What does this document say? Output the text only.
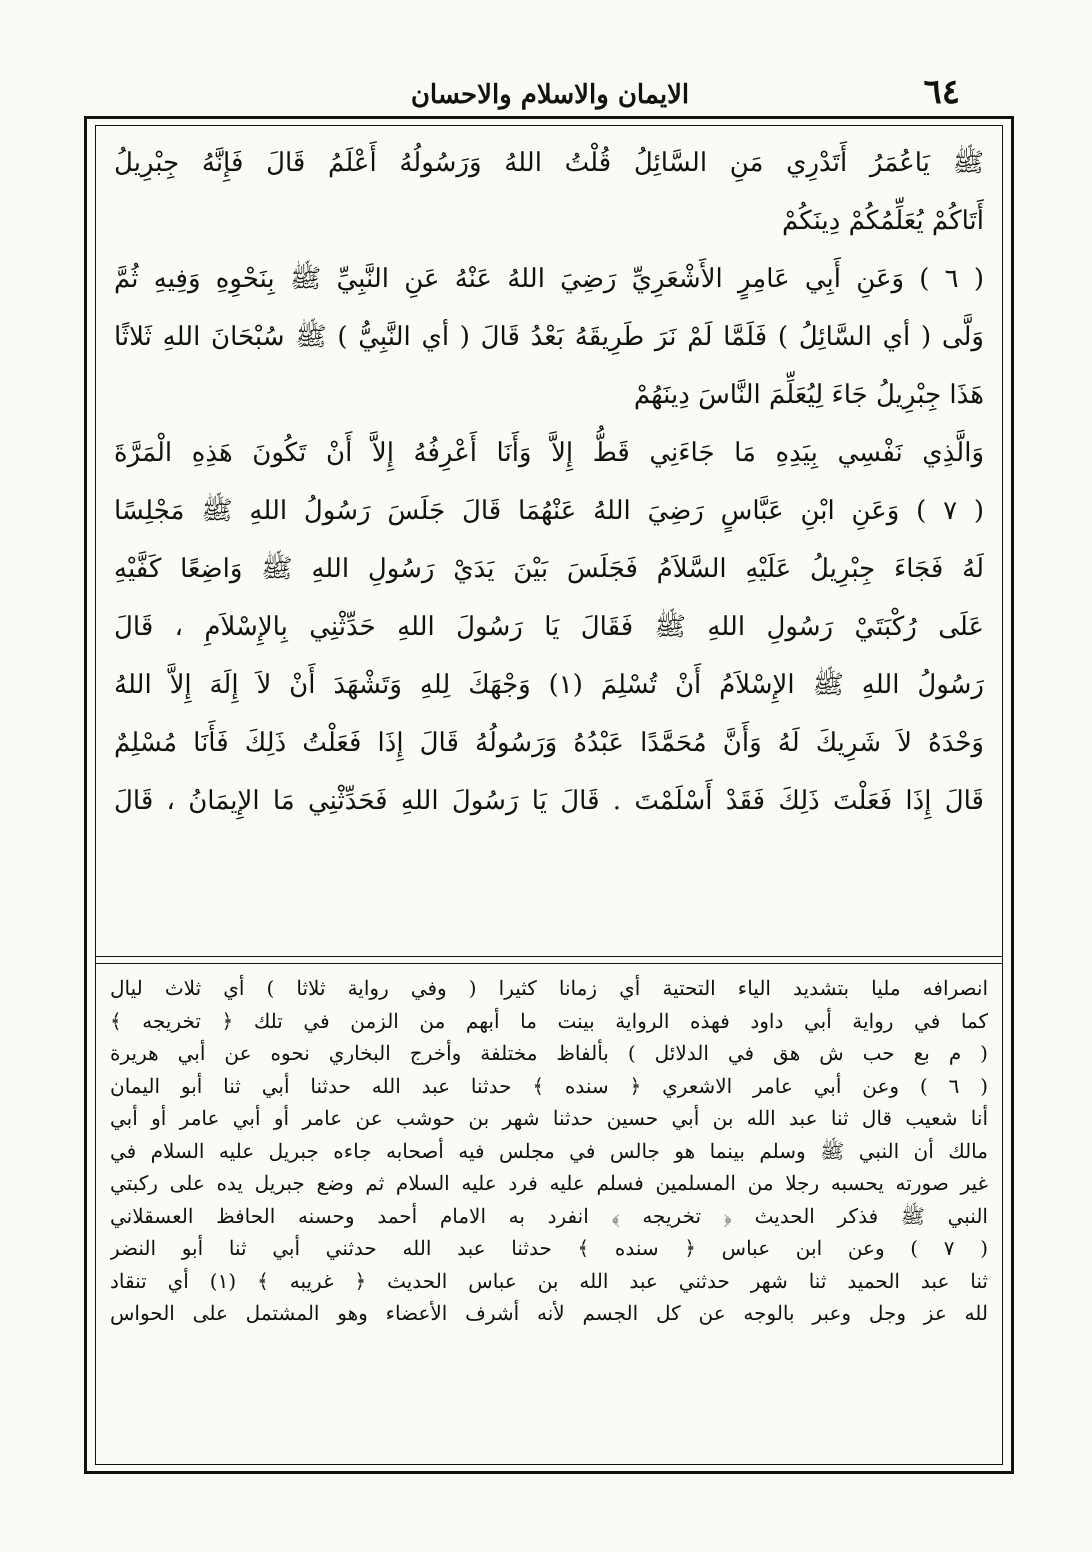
٦٤
الايمان والاسلام والاحسان
ﷺ يَاعُمَرُ أَتَدْرِي مَنِ السَّائِلُ قُلْتُ اللهُ وَرَسُولُهُ أَعْلَمُ قَالَ فَإِنَّهُ جِبْرِيلُ
أَتَاكُمْ يُعَلِّمُكُمْ دِينَكُمْ
( ٦ ) وَعَنِ أَبِي عَامِرٍ الأَشْعَرِيِّ رَضِيَ اللهُ عَنْهُ عَنِ النَّبِيِّ ﷺ بِنَحْوِهِ وَفِيهِ ثُمَّ
وَلَّى ( أي السَّائِلُ ) فَلَمَّا لَمْ نَرَ طَرِيقَهُ بَعْدُ قَالَ ( أي النَّبِيُّ ) ﷺ سُبْحَانَ اللهِ ثَلاثًا
هَذَا جِبْرِيلُ جَاءَ لِيُعَلِّمَ النَّاسَ دِينَهُمْ
وَالَّذِي نَفْسِي بِيَدِهِ مَا جَاءَنِي قَطُّ إِلاَّ وَأَنَا أَعْرِفُهُ إِلاَّ أَنْ تَكُونَ هَذِهِ الْمَرَّةَ
( ٧ ) وَعَنِ ابْنِ عَبَّاسٍ رَضِيَ اللهُ عَنْهُمَا قَالَ جَلَسَ رَسُولُ اللهِ ﷺ مَجْلِسًا
لَهُ فَجَاءَ جِبْرِيلُ عَلَيْهِ السَّلاَمُ فَجَلَسَ بَيْنَ يَدَيْ رَسُولِ اللهِ ﷺ وَاضِعًا كَفَّيْهِ
عَلَى رُكْبَتَيْ رَسُولِ اللهِ ﷺ فَقَالَ يَا رَسُولَ اللهِ حَدِّثْنِي بِالإِسْلاَمِ ، قَالَ
رَسُولُ اللهِ ﷺ الإِسْلاَمُ أَنْ تُسْلِمَ (١) وَجْهَكَ لِلهِ وَتَشْهَدَ أَنْ لاَ إِلَهَ إِلاَّ اللهُ
وَحْدَهُ لاَ شَرِيكَ لَهُ وَأَنَّ مُحَمَّدًا عَبْدُهُ وَرَسُولُهُ قَالَ إِذَا فَعَلْتُ ذَلِكَ فَأَنَا مُسْلِمٌ
قَالَ إِذَا فَعَلْتَ ذَلِكَ فَقَدْ أَسْلَمْتَ . قَالَ يَا رَسُولَ اللهِ فَحَدِّثْنِي مَا الإِيمَانُ ، قَالَ
انصرافه مليا بتشديد الياء التحتية أي زمانا كثيرا ( وفي رواية ثلاثا ) أي ثلاث ليال
كما في رواية أبي داود فهذه الرواية بينت ما أبهم من الزمن في تلك ﴿ تخريجه ﴾
( م بع حب ش هق في الدلائل ) بألفاظ مختلفة وأخرج البخاري نحوه عن أبي هريرة
( ٦ ) وعن أبي عامر الاشعري ﴿ سنده ﴾ حدثنا عبد الله حدثنا أبي ثنا أبو اليمان
أنا شعيب قال ثنا عبد الله بن أبي حسين حدثنا شهر بن حوشب عن عامر أو أبي عامر أو أبي
مالك أن النبي ﷺ وسلم بينما هو جالس في مجلس فيه أصحابه جاءه جبريل عليه السلام في
غير صورته يحسبه رجلا من المسلمين فسلم عليه فرد عليه السلام ثم وضع جبريل يده على ركبتي
النبي ﷺ فذكر الحديث ﴿ تخريجه ﴾ انفرد به الامام أحمد وحسنه الحافظ العسقلاني
( ٧ ) وعن ابن عباس ﴿ سنده ﴾ حدثنا عبد الله حدثني أبي ثنا أبو النضر
ثنا عبد الحميد ثنا شهر حدثني عبد الله بن عباس الحديث ﴿ غريبه ﴾ (١) أي تنقاد
لله عز وجل وعبر بالوجه عن كل الجسم لأنه أشرف الأعضاء وهو المشتمل على الحواس
